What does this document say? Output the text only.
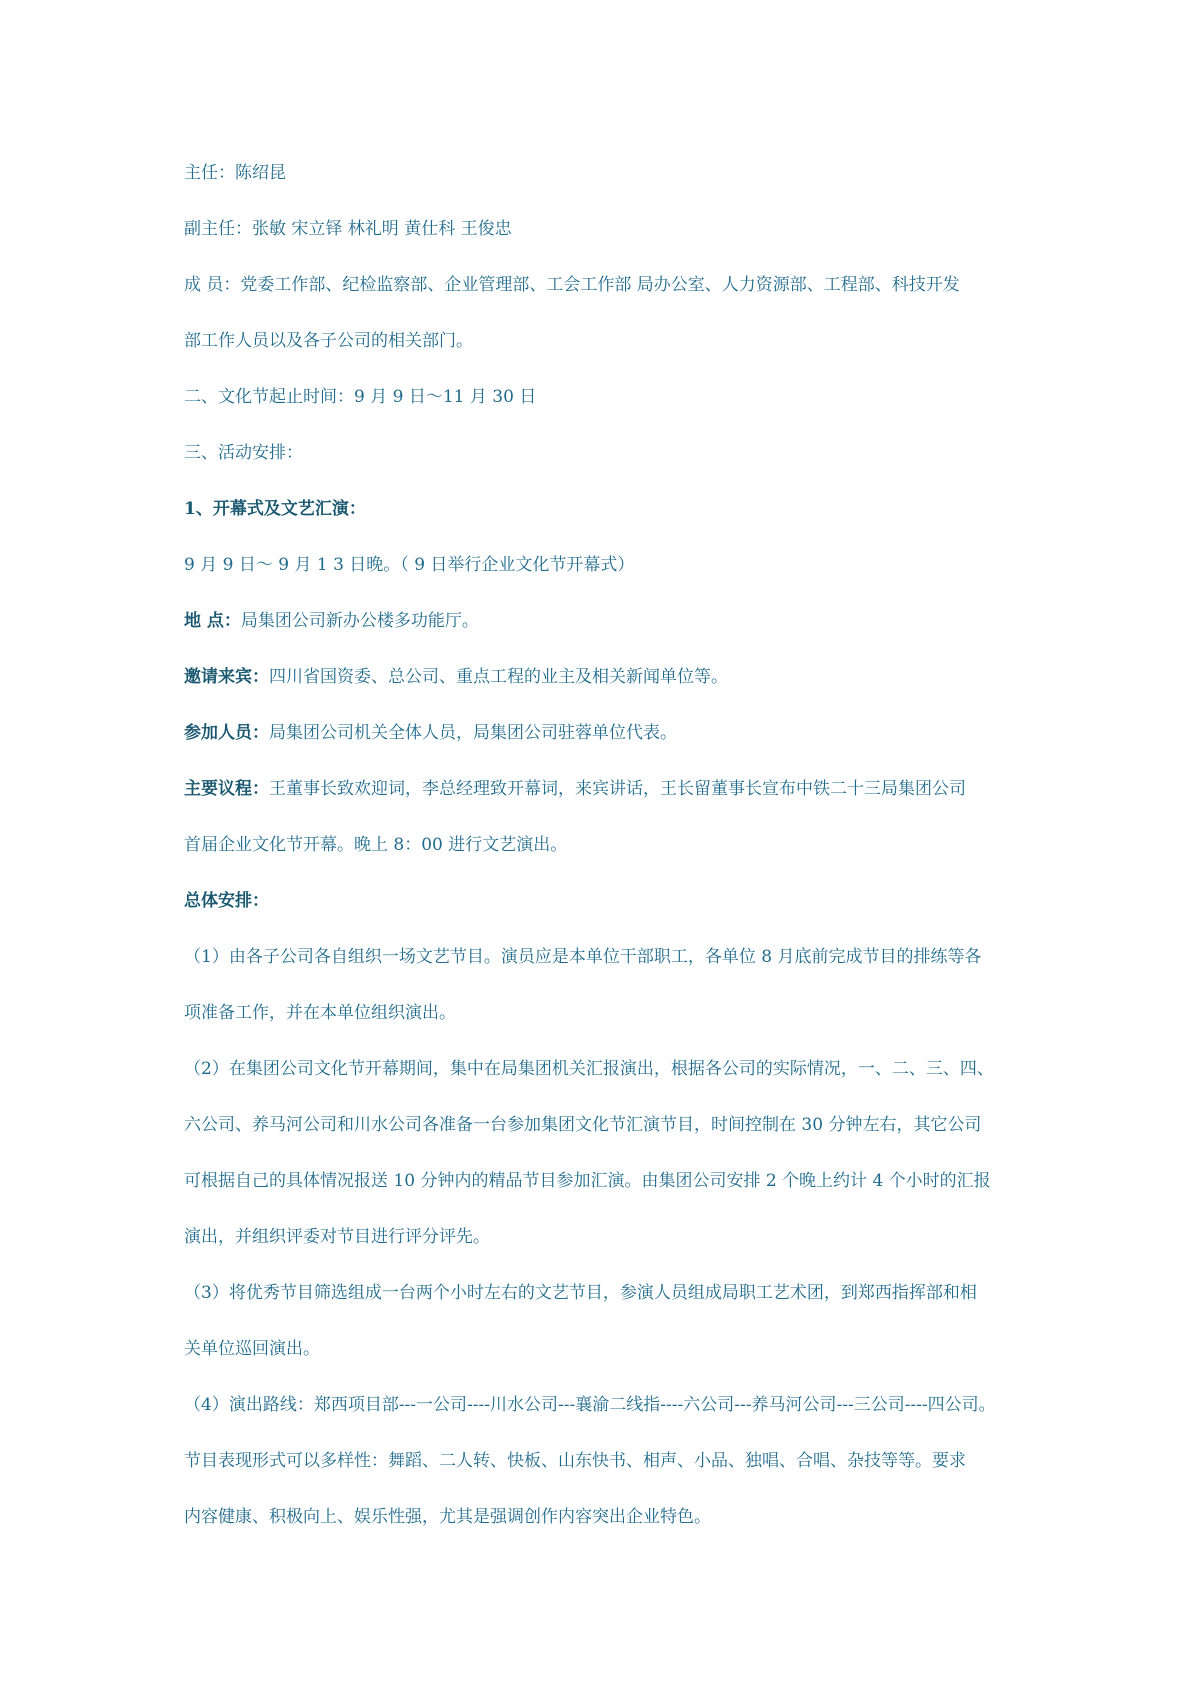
主任：陈绍昆
副主任：张敏 宋立铎 林礼明 黄仕科 王俊忠
成 员：党委工作部、纪检监察部、企业管理部、工会工作部 局办公室、人力资源部、工程部、科技开发
部工作人员以及各子公司的相关部门。
二、文化节起止时间：9 月 9 日～11 月 30 日
三、活动安排：
1、开幕式及文艺汇演：
9 月 9 日～ 9 月 1 3 日晚。（ 9 日举行企业文化节开幕式）
地 点：局集团公司新办公楼多功能厅。
邀请来宾：四川省国资委、总公司、重点工程的业主及相关新闻单位等。
参加人员：局集团公司机关全体人员，局集团公司驻蓉单位代表。
主要议程：王董事长致欢迎词，李总经理致开幕词，来宾讲话，王长留董事长宣布中铁二十三局集团公司
首届企业文化节开幕。晚上 8：00 进行文艺演出。
总体安排：
（1）由各子公司各自组织一场文艺节目。演员应是本单位干部职工，各单位 8 月底前完成节目的排练等各
项准备工作，并在本单位组织演出。
（2）在集团公司文化节开幕期间，集中在局集团机关汇报演出，根据各公司的实际情况，一、二、三、四、
六公司、养马河公司和川水公司各准备一台参加集团文化节汇演节目，时间控制在 30 分钟左右，其它公司
可根据自己的具体情况报送 10 分钟内的精品节目参加汇演。由集团公司安排 2 个晚上约计 4 个小时的汇报
演出，并组织评委对节目进行评分评先。
（3）将优秀节目筛选组成一台两个小时左右的文艺节目，参演人员组成局职工艺术团，到郑西指挥部和相
关单位巡回演出。
（4）演出路线：郑西项目部---一公司----川水公司---襄渝二线指----六公司---养马河公司---三公司----四公司。
节目表现形式可以多样性：舞蹈、二人转、快板、山东快书、相声、小品、独唱、合唱、杂技等等。要求
内容健康、积极向上、娱乐性强，尤其是强调创作内容突出企业特色。
